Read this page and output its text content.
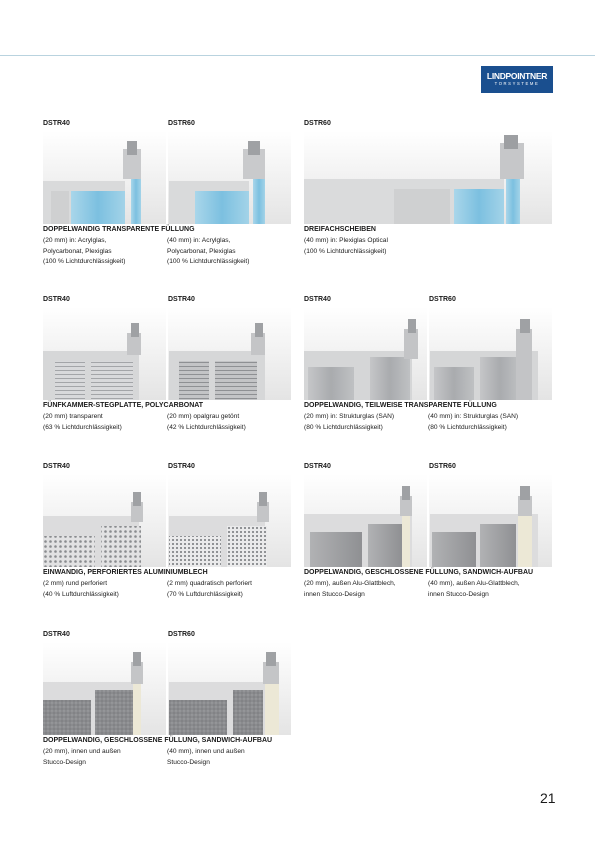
LINDPOINTNER
TORSYSTEME
DSTR40	DSTR60
DOPPELWANDIG TRANSPARENTE FÜLLUNG
(20 mm) in: Acrylglas,
Polycarbonat, Plexiglas
(100 % Lichtdurchlässigkeit)
(40 mm) in: Acrylglas,
Polycarbonat, Plexiglas
(100 % Lichtdurchlässigkeit)
DSTR60
DREIFACHSCHEIBEN
(40 mm) in: Plexiglas Optical
(100 % Lichtdurchlässigkeit)
DSTR40	DSTR40
FÜNFKAMMER-STEGPLATTE, POLYCARBONAT
(20 mm) transparent
(63 % Lichtdurchlässigkeit)
(20 mm) opalgrau getönt
(42 % Lichtdurchlässigkeit)
DSTR40	DSTR60
DOPPELWANDIG, TEILWEISE TRANSPARENTE FÜLLUNG
(20 mm) in: Strukturglas (SAN)
(80 % Lichtdurchlässigkeit)
(40 mm) in: Strukturglas (SAN)
(80 % Lichtdurchlässigkeit)
DSTR40	DSTR40
EINWANDIG, PERFORIERTES ALUMINIUMBLECH
(2 mm) rund perforiert
(40 % Luftdurchlässigkeit)
(2 mm) quadratisch perforiert
(70 % Luftdurchlässigkeit)
DSTR40	DSTR60
DOPPELWANDIG, GESCHLOSSENE FÜLLUNG, SANDWICH-AUFBAU
(20 mm), außen Alu-Glattblech,
innen Stucco-Design
(40 mm), außen Alu-Glattblech,
innen Stucco-Design
DSTR40	DSTR60
DOPPELWANDIG, GESCHLOSSENE FÜLLUNG, SANDWICH-AUFBAU
(20 mm), innen und außen
Stucco-Design
(40 mm), innen und außen
Stucco-Design
21
